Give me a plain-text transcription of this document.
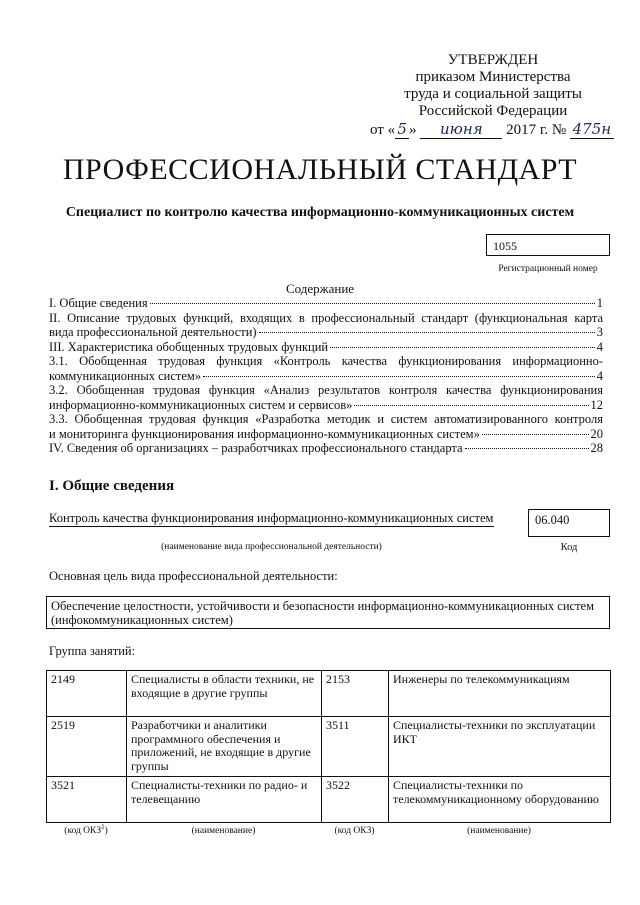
УТВЕРЖДЕН
приказом Министерства
труда и социальной защиты
Российской Федерации
от « 5 » июня 2017 г. № 475н
ПРОФЕССИОНАЛЬНЫЙ СТАНДАРТ
Специалист по контролю качества информационно-коммуникационных систем
1055
Регистрационный номер
Содержание
I. Общие сведения	1
II. Описание трудовых функций, входящих в профессиональный стандарт (функциональная карта
вида профессиональной деятельности)	3
III. Характеристика обобщенных трудовых функций	4
3.1. Обобщенная трудовая функция «Контроль качества функционирования информационно-
коммуникационных систем»	4
3.2. Обобщенная трудовая функция «Анализ результатов контроля качества функционирования
информационно-коммуникационных систем и сервисов»	12
3.3. Обобщенная трудовая функция «Разработка методик и систем автоматизированного контроля
и мониторинга функционирования информационно-коммуникационных систем»	20
IV. Сведения об организациях – разработчиках профессионального стандарта	28
I. Общие сведения
Контроль качества функционирования информационно-коммуникационных систем
(наименование вида профессиональной деятельности)
06.040
Код
Основная цель вида профессиональной деятельности:
Обеспечение целостности, устойчивости и безопасности информационно-коммуникационных систем (инфокоммуникационных систем)
Группа занятий:
2149	Специалисты в области техники, не входящие в другие группы	2153	Инженеры по телекоммуникациям
2519	Разработчики и аналитики программного обеспечения и приложений, не входящие в другие группы	3511	Специалисты-техники по эксплуатации ИКТ
3521	Специалисты-техники по радио- и телевещанию	3522	Специалисты-техники по телекоммуникационному оборудованию
(код ОКЗ$^1$)	(наименование)	(код ОКЗ)	(наименование)
